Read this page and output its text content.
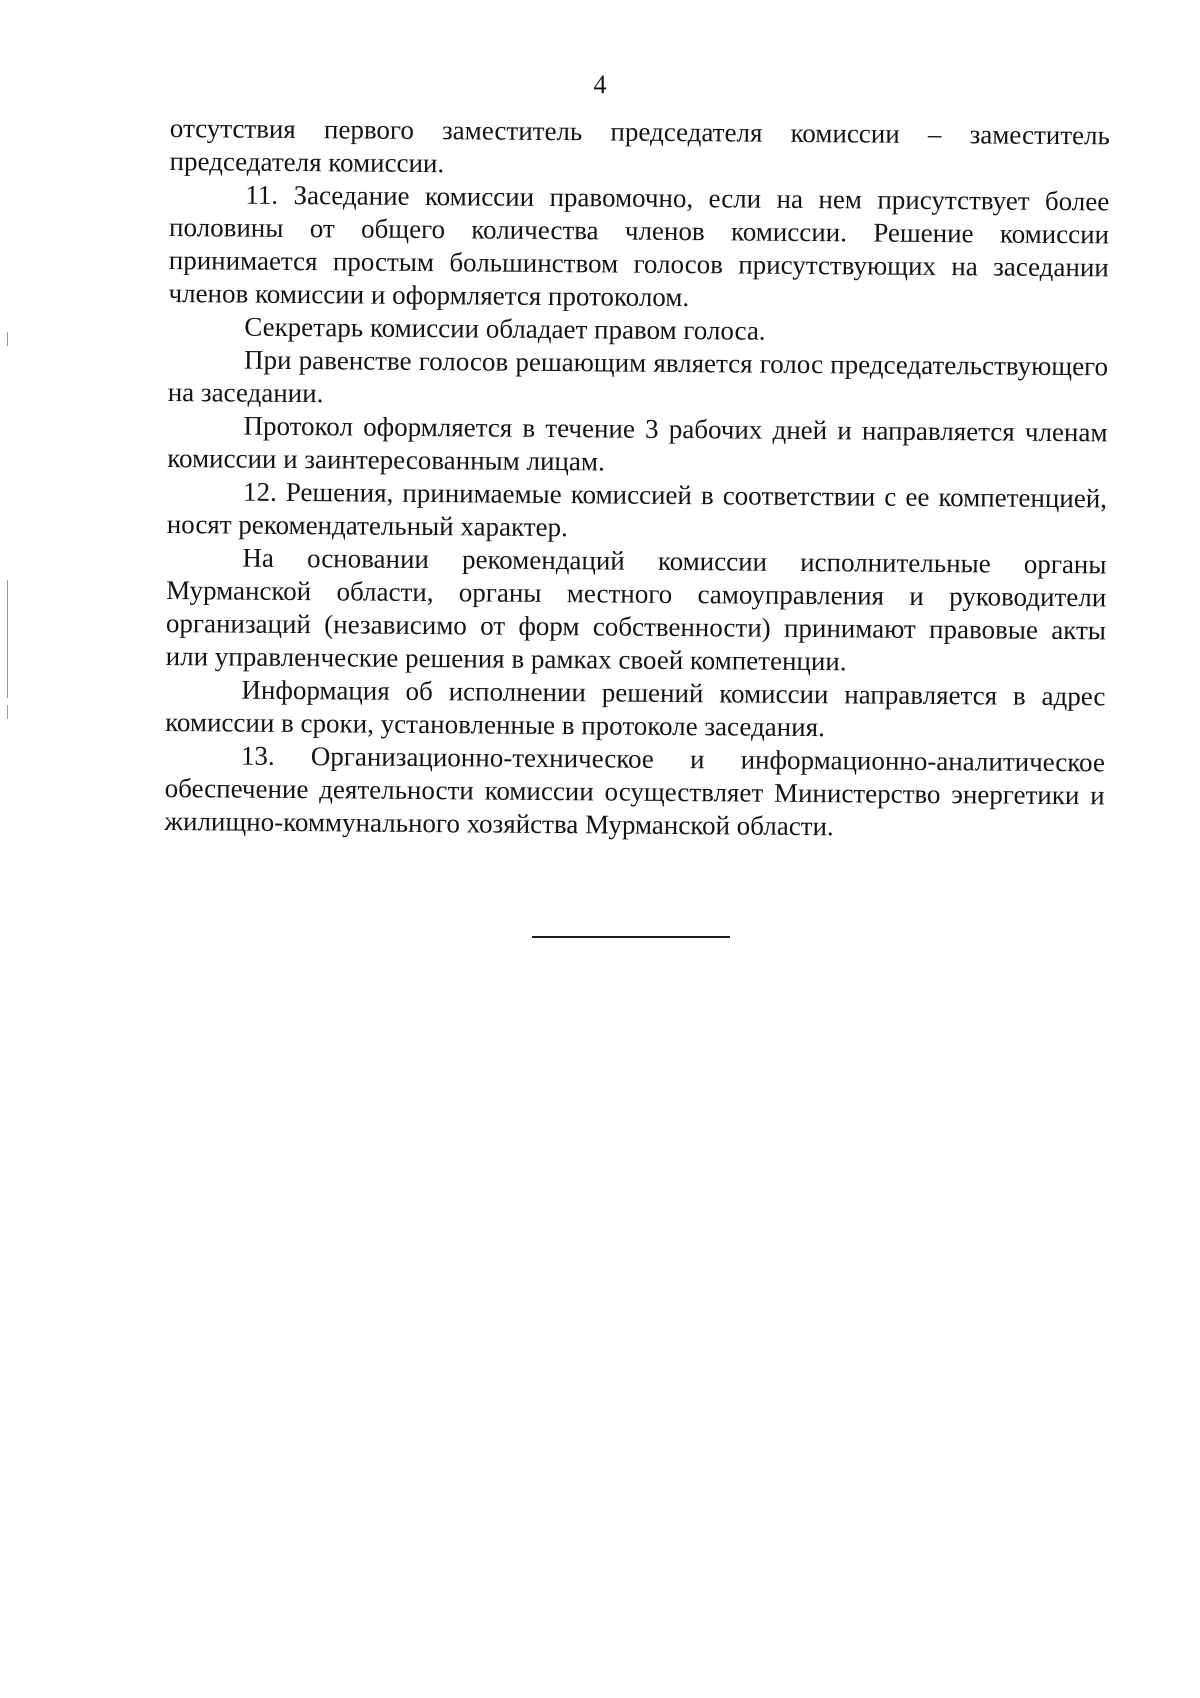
4

отсутствия первого заместитель председателя комиссии – заместитель председателя комиссии.

11. Заседание комиссии правомочно, если на нем присутствует более половины от общего количества членов комиссии. Решение комиссии принимается простым большинством голосов присутствующих на заседании членов комиссии и оформляется протоколом.

Секретарь комиссии обладает правом голоса.

При равенстве голосов решающим является голос председательствующего на заседании.

Протокол оформляется в течение 3 рабочих дней и направляется членам комиссии и заинтересованным лицам.

12. Решения, принимаемые комиссией в соответствии с ее компетенцией, носят рекомендательный характер.

На основании рекомендаций комиссии исполнительные органы Мурманской области, органы местного самоуправления и руководители организаций (независимо от форм собственности) принимают правовые акты или управленческие решения в рамках своей компетенции.

Информация об исполнении решений комиссии направляется в адрес комиссии в сроки, установленные в протоколе заседания.

13. Организационно-техническое и информационно-аналитическое обеспечение деятельности комиссии осуществляет Министерство энергетики и жилищно-коммунального хозяйства Мурманской области.
